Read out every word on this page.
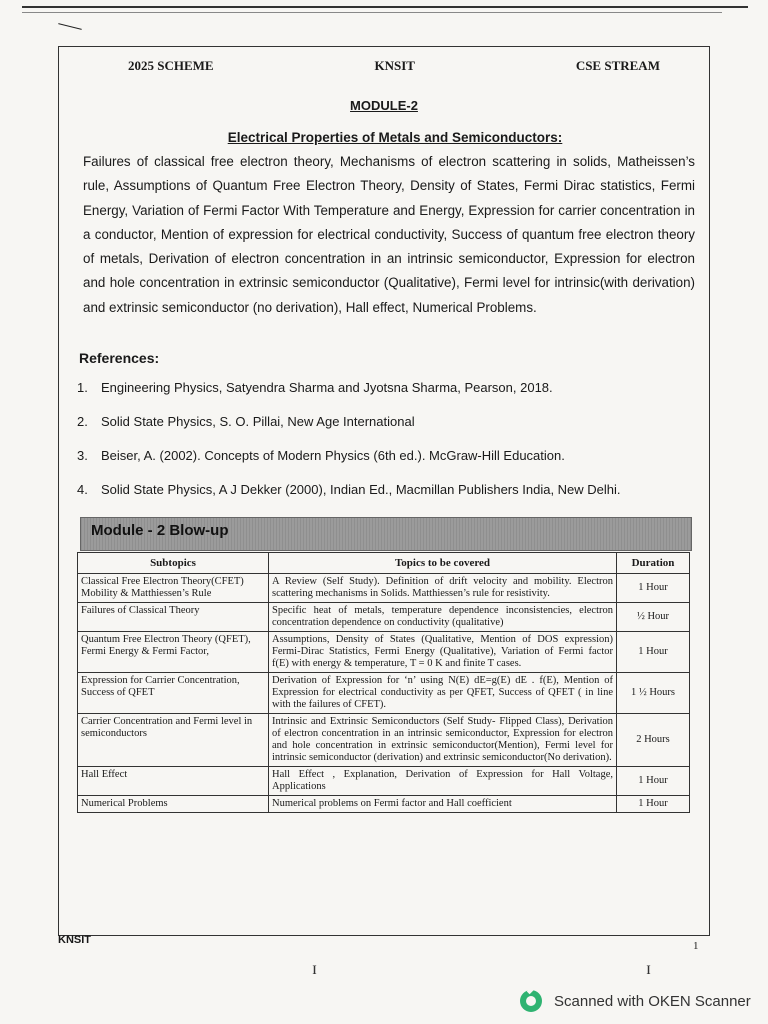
2025 SCHEME	KNSIT	CSE STREAM
MODULE-2
Electrical Properties of Metals and Semiconductors:
Failures of classical free electron theory, Mechanisms of electron scattering in solids, Matheissen’s rule, Assumptions of Quantum Free Electron Theory, Density of States, Fermi Dirac statistics, Fermi Energy, Variation of Fermi Factor With Temperature and Energy, Expression for carrier concentration in a conductor, Mention of expression for electrical conductivity, Success of quantum free electron theory of metals, Derivation of electron concentration in an intrinsic semiconductor, Expression for electron and hole concentration in extrinsic semiconductor (Qualitative), Fermi level for intrinsic(with derivation) and extrinsic semiconductor (no derivation), Hall effect, Numerical Problems.
References:
1.	Engineering Physics, Satyendra Sharma and Jyotsna Sharma, Pearson, 2018.
2.	Solid State Physics, S. O. Pillai, New Age International
3.	Beiser, A. (2002). Concepts of Modern Physics (6th ed.). McGraw-Hill Education.
4.	Solid State Physics, A J Dekker (2000), Indian Ed., Macmillan Publishers India, New Delhi.
Module - 2 Blow-up
Subtopics	Topics to be covered	Duration
Classical Free Electron Theory(CFET) Mobility & Matthiessen’s Rule	A Review (Self Study). Definition of drift velocity and mobility. Electron scattering mechanisms in Solids. Matthiessen’s rule for resistivity.	1 Hour
Failures of Classical Theory	Specific heat of metals, temperature dependence inconsistencies, electron concentration dependence on conductivity (qualitative)	½ Hour
Quantum Free Electron Theory (QFET), Fermi Energy & Fermi Factor,	Assumptions, Density of States (Qualitative, Mention of DOS expression) Fermi-Dirac Statistics, Fermi Energy (Qualitative), Variation of Fermi factor f(E) with energy & temperature, T = 0 K and finite T cases.	1 Hour
Expression for Carrier Concentration, Success of QFET	Derivation of Expression for ‘n’ using N(E) dE=g(E) dE . f(E), Mention of Expression for electrical conductivity as per QFET, Success of QFET ( in line with the failures of CFET).	1 ½ Hours
Carrier Concentration and Fermi level in semiconductors	Intrinsic and Extrinsic Semiconductors (Self Study- Flipped Class), Derivation of electron concentration in an intrinsic semiconductor, Expression for electron and hole concentration in extrinsic semiconductor(Mention), Fermi level for intrinsic semiconductor (derivation) and extrinsic semiconductor(No derivation).	2 Hours
Hall Effect	Hall Effect , Explanation, Derivation of Expression for Hall Voltage, Applications	1 Hour
Numerical Problems	Numerical problems on Fermi factor and Hall coefficient	1 Hour
KNSIT	1
ɪ	ɪ
Scanned with OKEN Scanner
